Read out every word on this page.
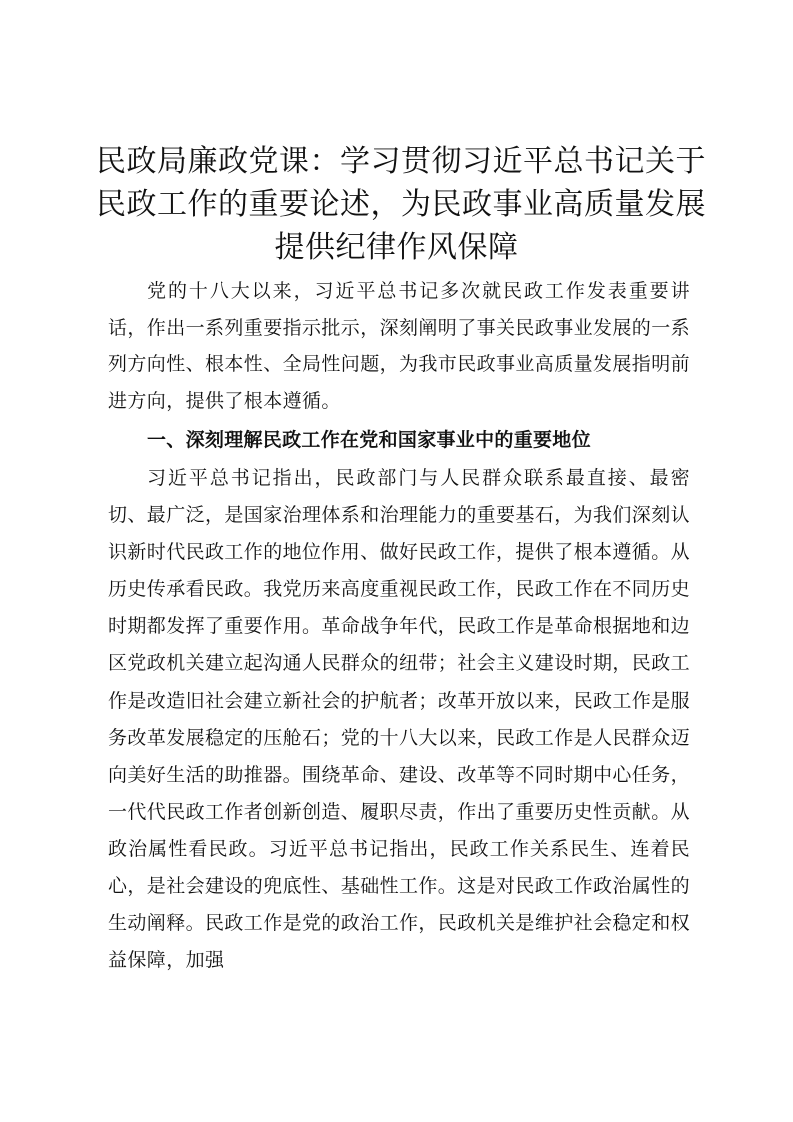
民政局廉政党课：学习贯彻习近平总书记关于
民政工作的重要论述，为民政事业高质量发展
提供纪律作风保障

党的十八大以来，习近平总书记多次就民政工作发表重要讲话，作出一系列重要指示批示，深刻阐明了事关民政事业发展的一系列方向性、根本性、全局性问题，为我市民政事业高质量发展指明前进方向，提供了根本遵循。

一、深刻理解民政工作在党和国家事业中的重要地位

习近平总书记指出，民政部门与人民群众联系最直接、最密切、最广泛，是国家治理体系和治理能力的重要基石，为我们深刻认识新时代民政工作的地位作用、做好民政工作，提供了根本遵循。从历史传承看民政。我党历来高度重视民政工作，民政工作在不同历史时期都发挥了重要作用。革命战争年代，民政工作是革命根据地和边区党政机关建立起沟通人民群众的纽带；社会主义建设时期，民政工作是改造旧社会建立新社会的护航者；改革开放以来，民政工作是服务改革发展稳定的压舱石；党的十八大以来，民政工作是人民群众迈向美好生活的助推器。围绕革命、建设、改革等不同时期中心任务，一代代民政工作者创新创造、履职尽责，作出了重要历史性贡献。从政治属性看民政。习近平总书记指出，民政工作关系民生、连着民心，是社会建设的兜底性、基础性工作。这是对民政工作政治属性的生动阐释。民政工作是党的政治工作，民政机关是维护社会稳定和权益保障，加强
